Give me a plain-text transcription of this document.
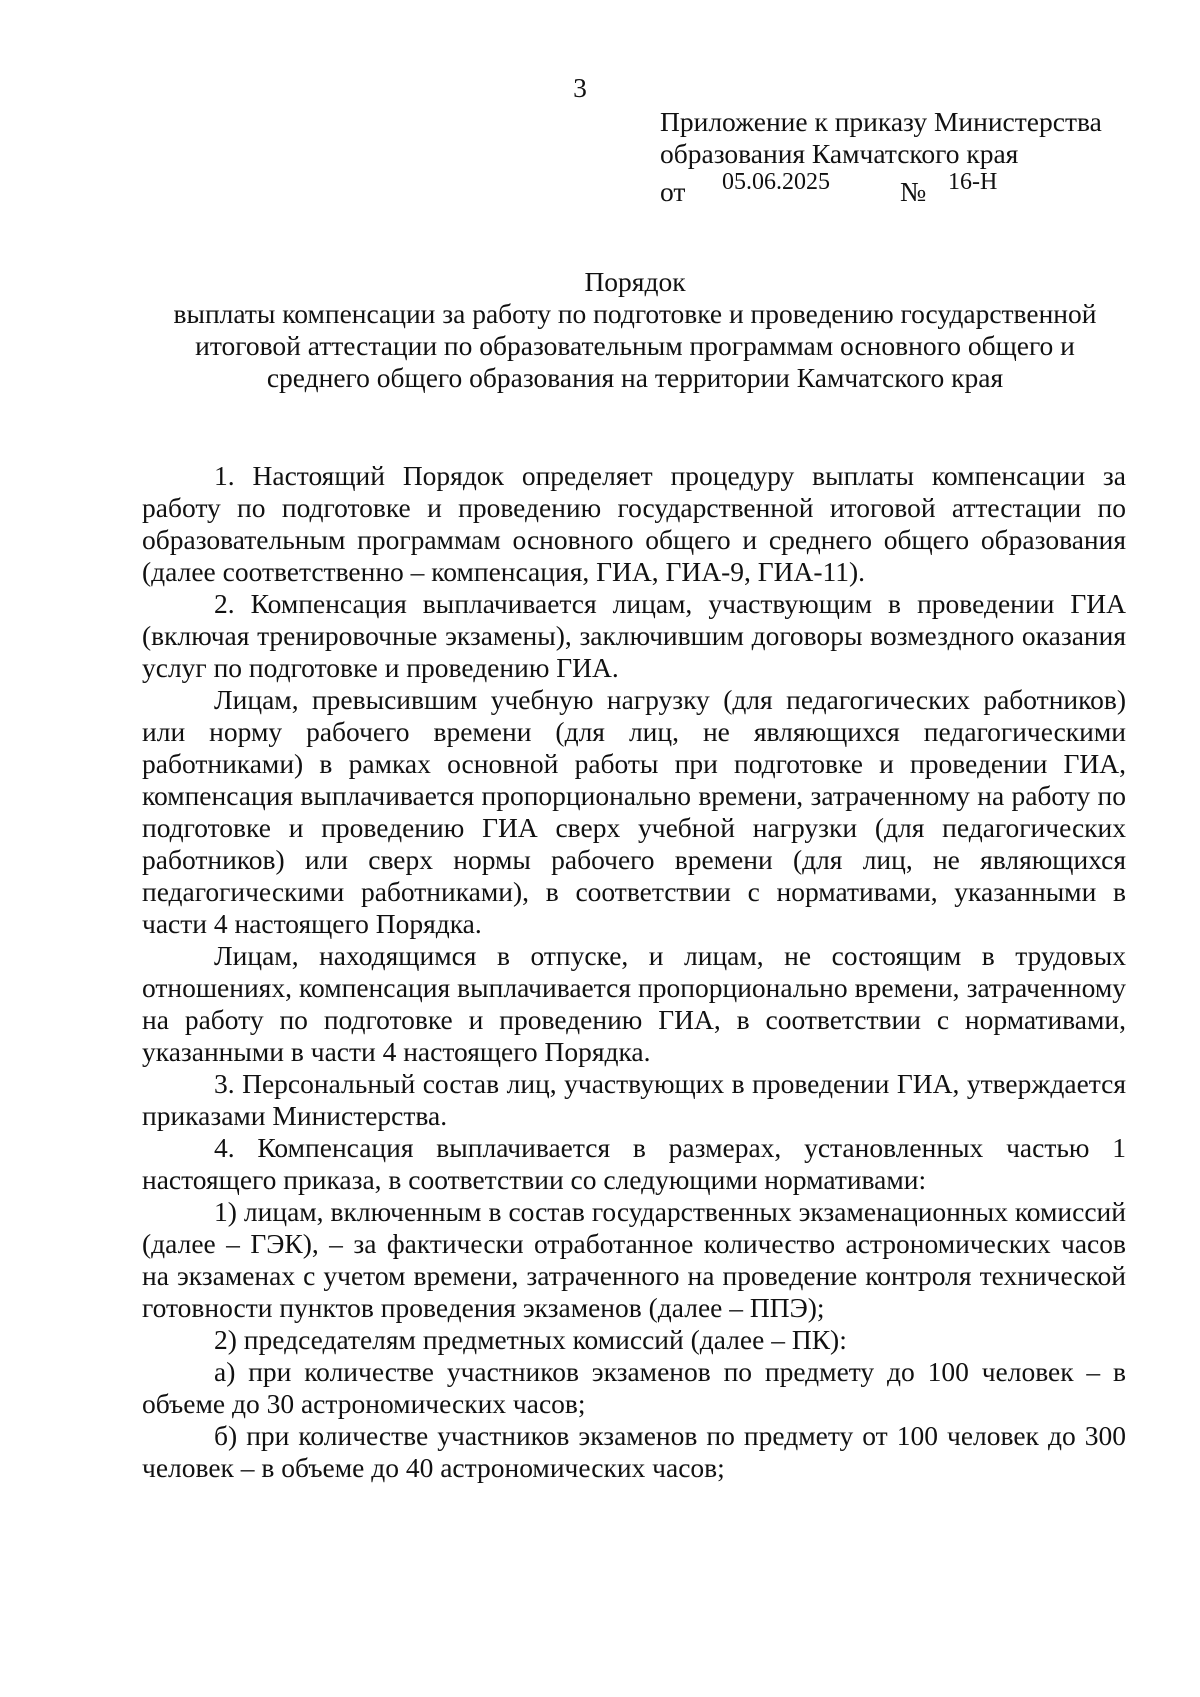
3
Приложение к приказу Министерства
образования Камчатского края
от 05.06.2025	№ 16-Н
Порядок
выплаты компенсации за работу по подготовке и проведению государственной
итоговой аттестации по образовательным программам основного общего и
среднего общего образования на территории Камчатского края

1. Настоящий Порядок определяет процедуру выплаты компенсации за работу по подготовке и проведению государственной итоговой аттестации по образовательным программам основного общего и среднего общего образования (далее соответственно – компенсация, ГИА, ГИА-9, ГИА-11).

2. Компенсация выплачивается лицам, участвующим в проведении ГИА (включая тренировочные экзамены), заключившим договоры возмездного оказания услуг по подготовке и проведению ГИА.

Лицам, превысившим учебную нагрузку (для педагогических работников) или норму рабочего времени (для лиц, не являющихся педагогическими работниками) в рамках основной работы при подготовке и проведении ГИА, компенсация выплачивается пропорционально времени, затраченному на работу по подготовке и проведению ГИА сверх учебной нагрузки (для педагогических работников) или сверх нормы рабочего времени (для лиц, не являющихся педагогическими работниками), в соответствии с нормативами, указанными в части 4 настоящего Порядка.

Лицам, находящимся в отпуске, и лицам, не состоящим в трудовых отношениях, компенсация выплачивается пропорционально времени, затраченному на работу по подготовке и проведению ГИА, в соответствии с нормативами, указанными в части 4 настоящего Порядка.

3. Персональный состав лиц, участвующих в проведении ГИА, утверждается приказами Министерства.

4. Компенсация выплачивается в размерах, установленных частью 1 настоящего приказа, в соответствии со следующими нормативами:

1) лицам, включенным в состав государственных экзаменационных комиссий (далее – ГЭК), – за фактически отработанное количество астрономических часов на экзаменах с учетом времени, затраченного на проведение контроля технической готовности пунктов проведения экзаменов (далее – ППЭ);

2) председателям предметных комиссий (далее – ПК):

а) при количестве участников экзаменов по предмету до 100 человек – в объеме до 30 астрономических часов;

б) при количестве участников экзаменов по предмету от 100 человек до 300 человек – в объеме до 40 астрономических часов;
